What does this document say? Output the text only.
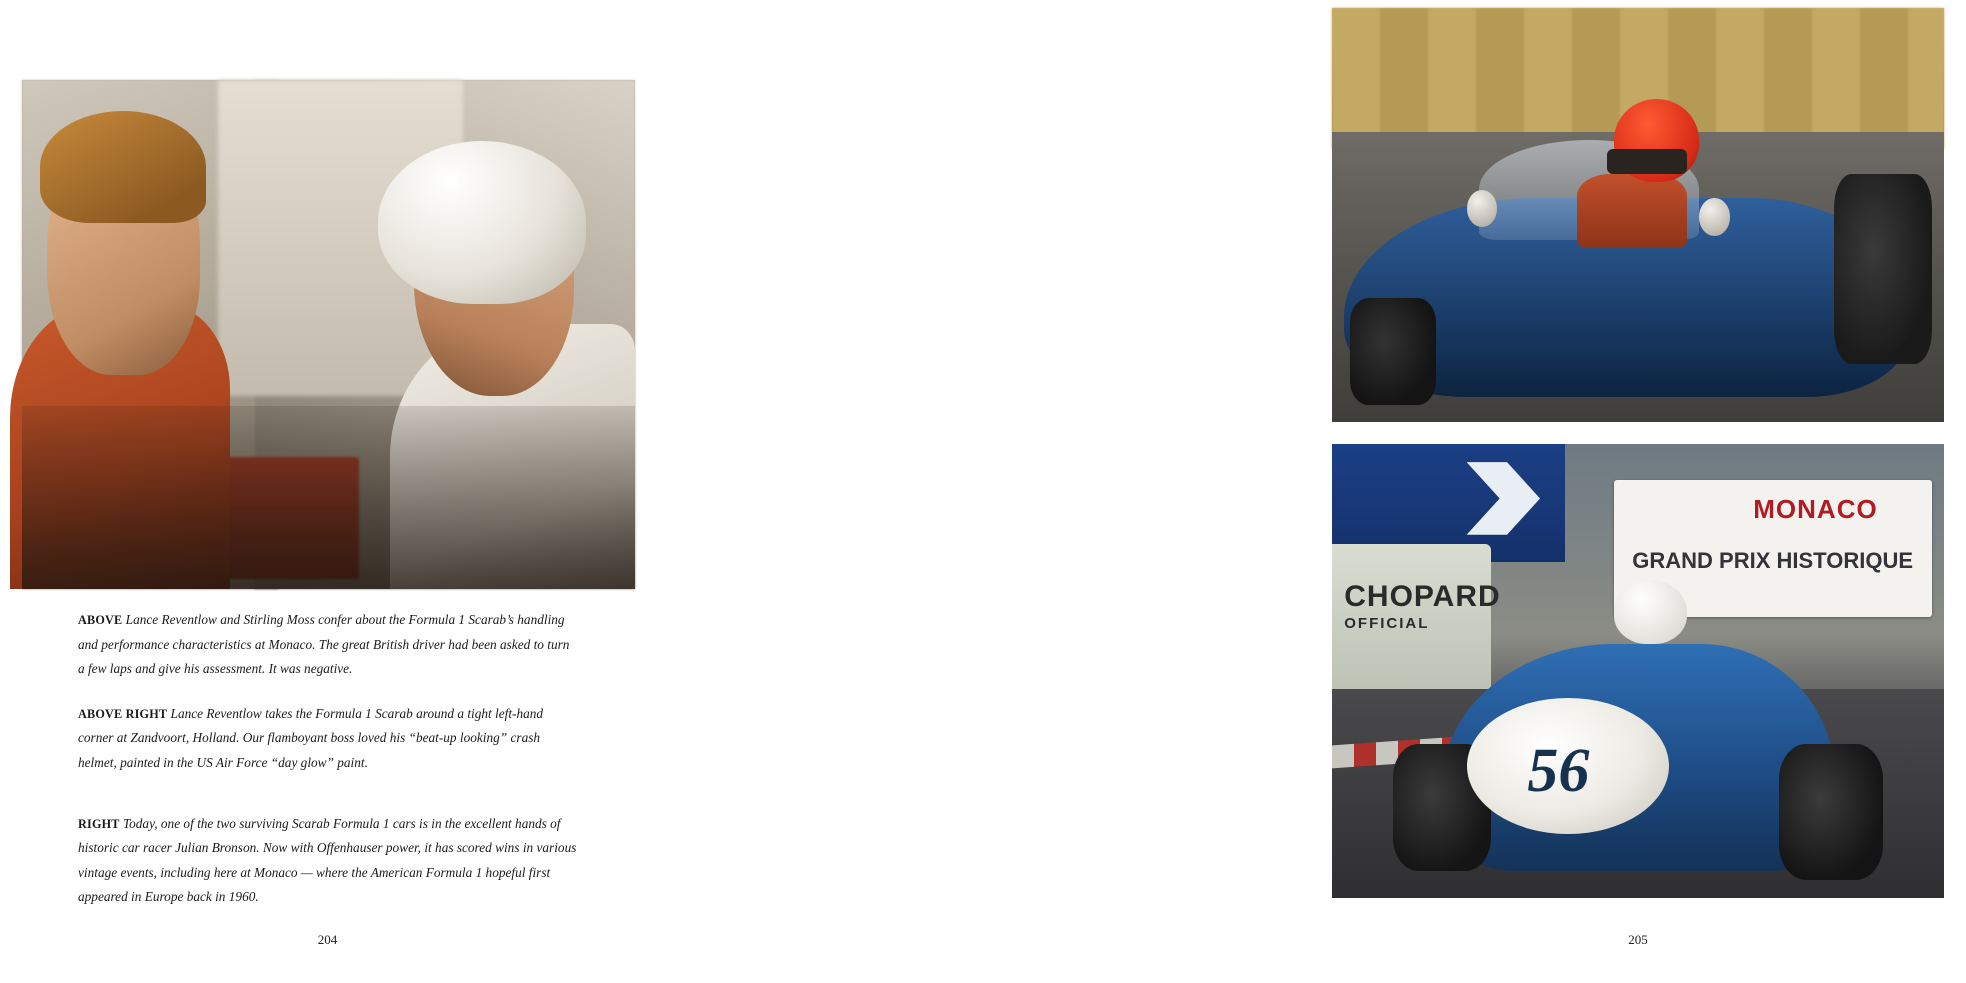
ABOVE Lance Reventlow and Stirling Moss confer about the Formula 1 Scarab’s handling and performance characteristics at Monaco. The great British driver had been asked to turn a few laps and give his assessment. It was negative.

ABOVE RIGHT Lance Reventlow takes the Formula 1 Scarab around a tight left-hand corner at Zandvoort, Holland. Our flamboyant boss loved his “beat-up looking” crash helmet, painted in the US Air Force “day glow” paint.

RIGHT Today, one of the two surviving Scarab Formula 1 cars is in the excellent hands of historic car racer Julian Bronson. Now with Offenhauser power, it has scored wins in various vintage events, including here at Monaco — where the American Formula 1 hopeful first appeared in Europe back in 1960.

204
CHOPARD
OFFICIAL
MONACO
GRAND PRIX HISTORIQUE
56
205
